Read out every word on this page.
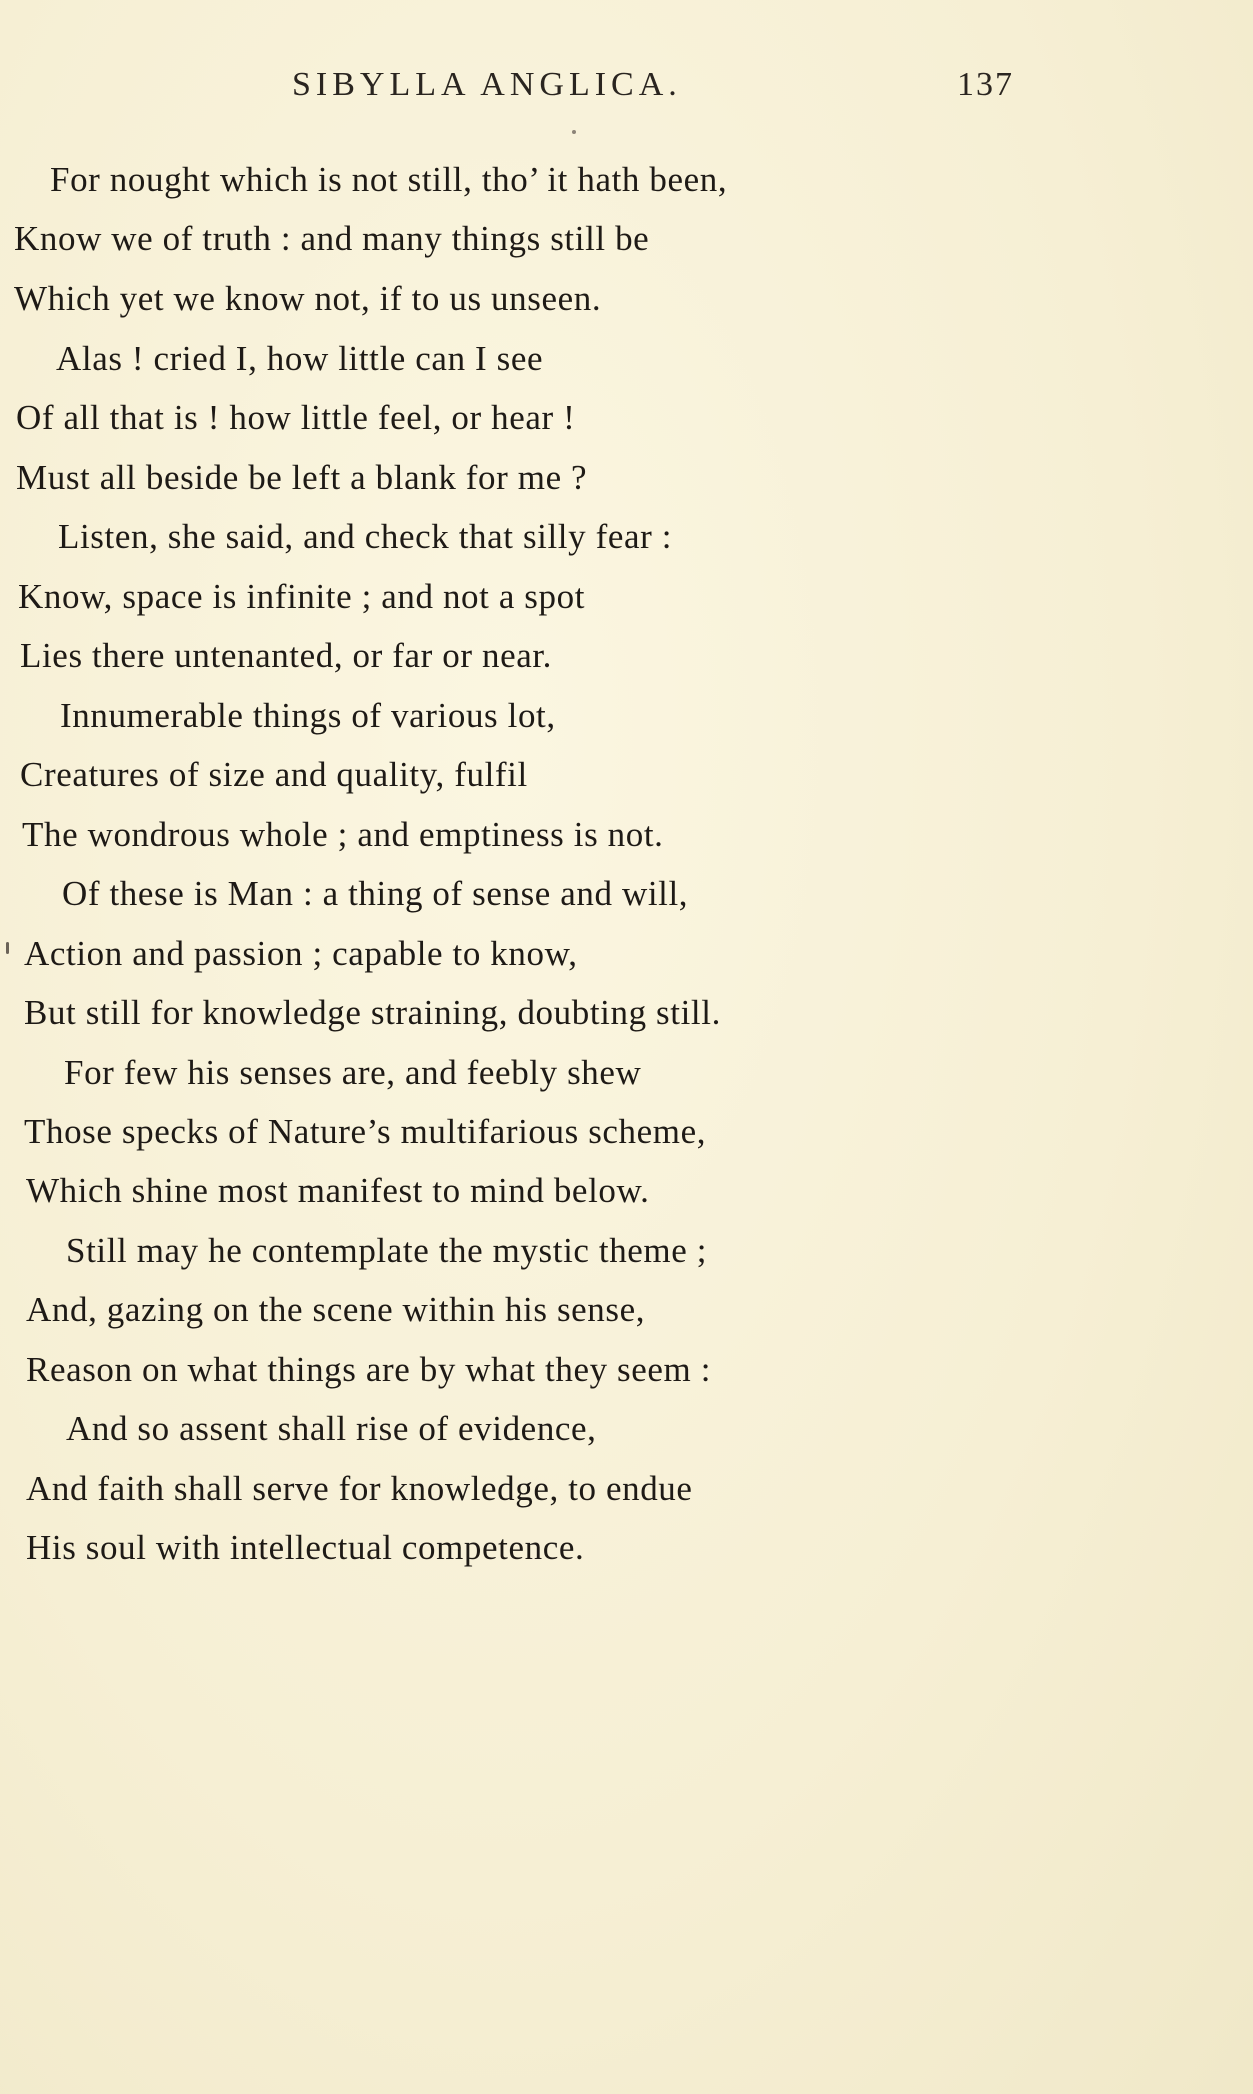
SIBYLLA ANGLICA.	137
For nought which is not still, tho’ it hath been,
Know we of truth : and many things still be
Which yet we know not, if to us unseen.
Alas ! cried I, how little can I see
Of all that is ! how little feel, or hear !
Must all beside be left a blank for me ?
Listen, she said, and check that silly fear :
Know, space is infinite ; and not a spot
Lies there untenanted, or far or near.
Innumerable things of various lot,
Creatures of size and quality, fulfil
The wondrous whole ; and emptiness is not.
Of these is Man : a thing of sense and will,
Action and passion ; capable to know,
But still for knowledge straining, doubting still.
For few his senses are, and feebly shew
Those specks of Nature’s multifarious scheme,
Which shine most manifest to mind below.
Still may he contemplate the mystic theme ;
And, gazing on the scene within his sense,
Reason on what things are by what they seem :
And so assent shall rise of evidence,
And faith shall serve for knowledge, to endue
His soul with intellectual competence.
